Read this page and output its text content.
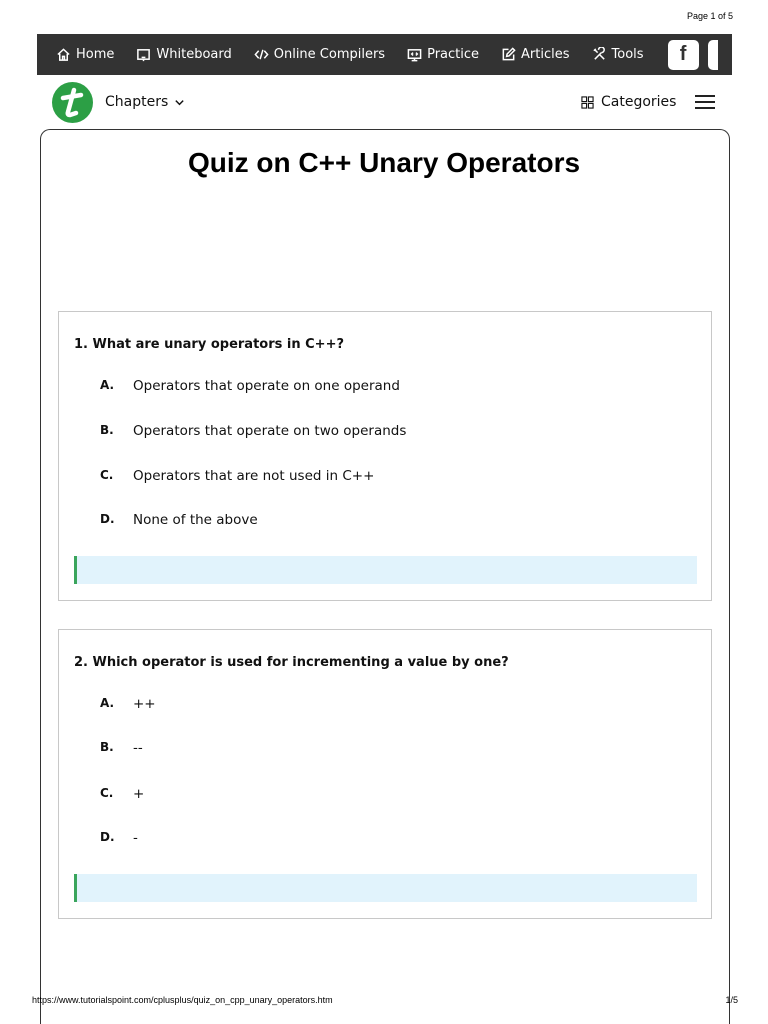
Page 1 of 5
Home	Whiteboard	Online Compilers	Practice	Articles	Tools f
Chapters	Categories
Quiz on C++ Unary Operators
1. What are unary operators in C++?
A. Operators that operate on one operand
B. Operators that operate on two operands
C. Operators that are not used in C++
D. None of the above
2. Which operator is used for incrementing a value by one?
A. ++
B. --
C. +
D. -
https://www.tutorialspoint.com/cplusplus/quiz_on_cpp_unary_operators.htm	1/5
